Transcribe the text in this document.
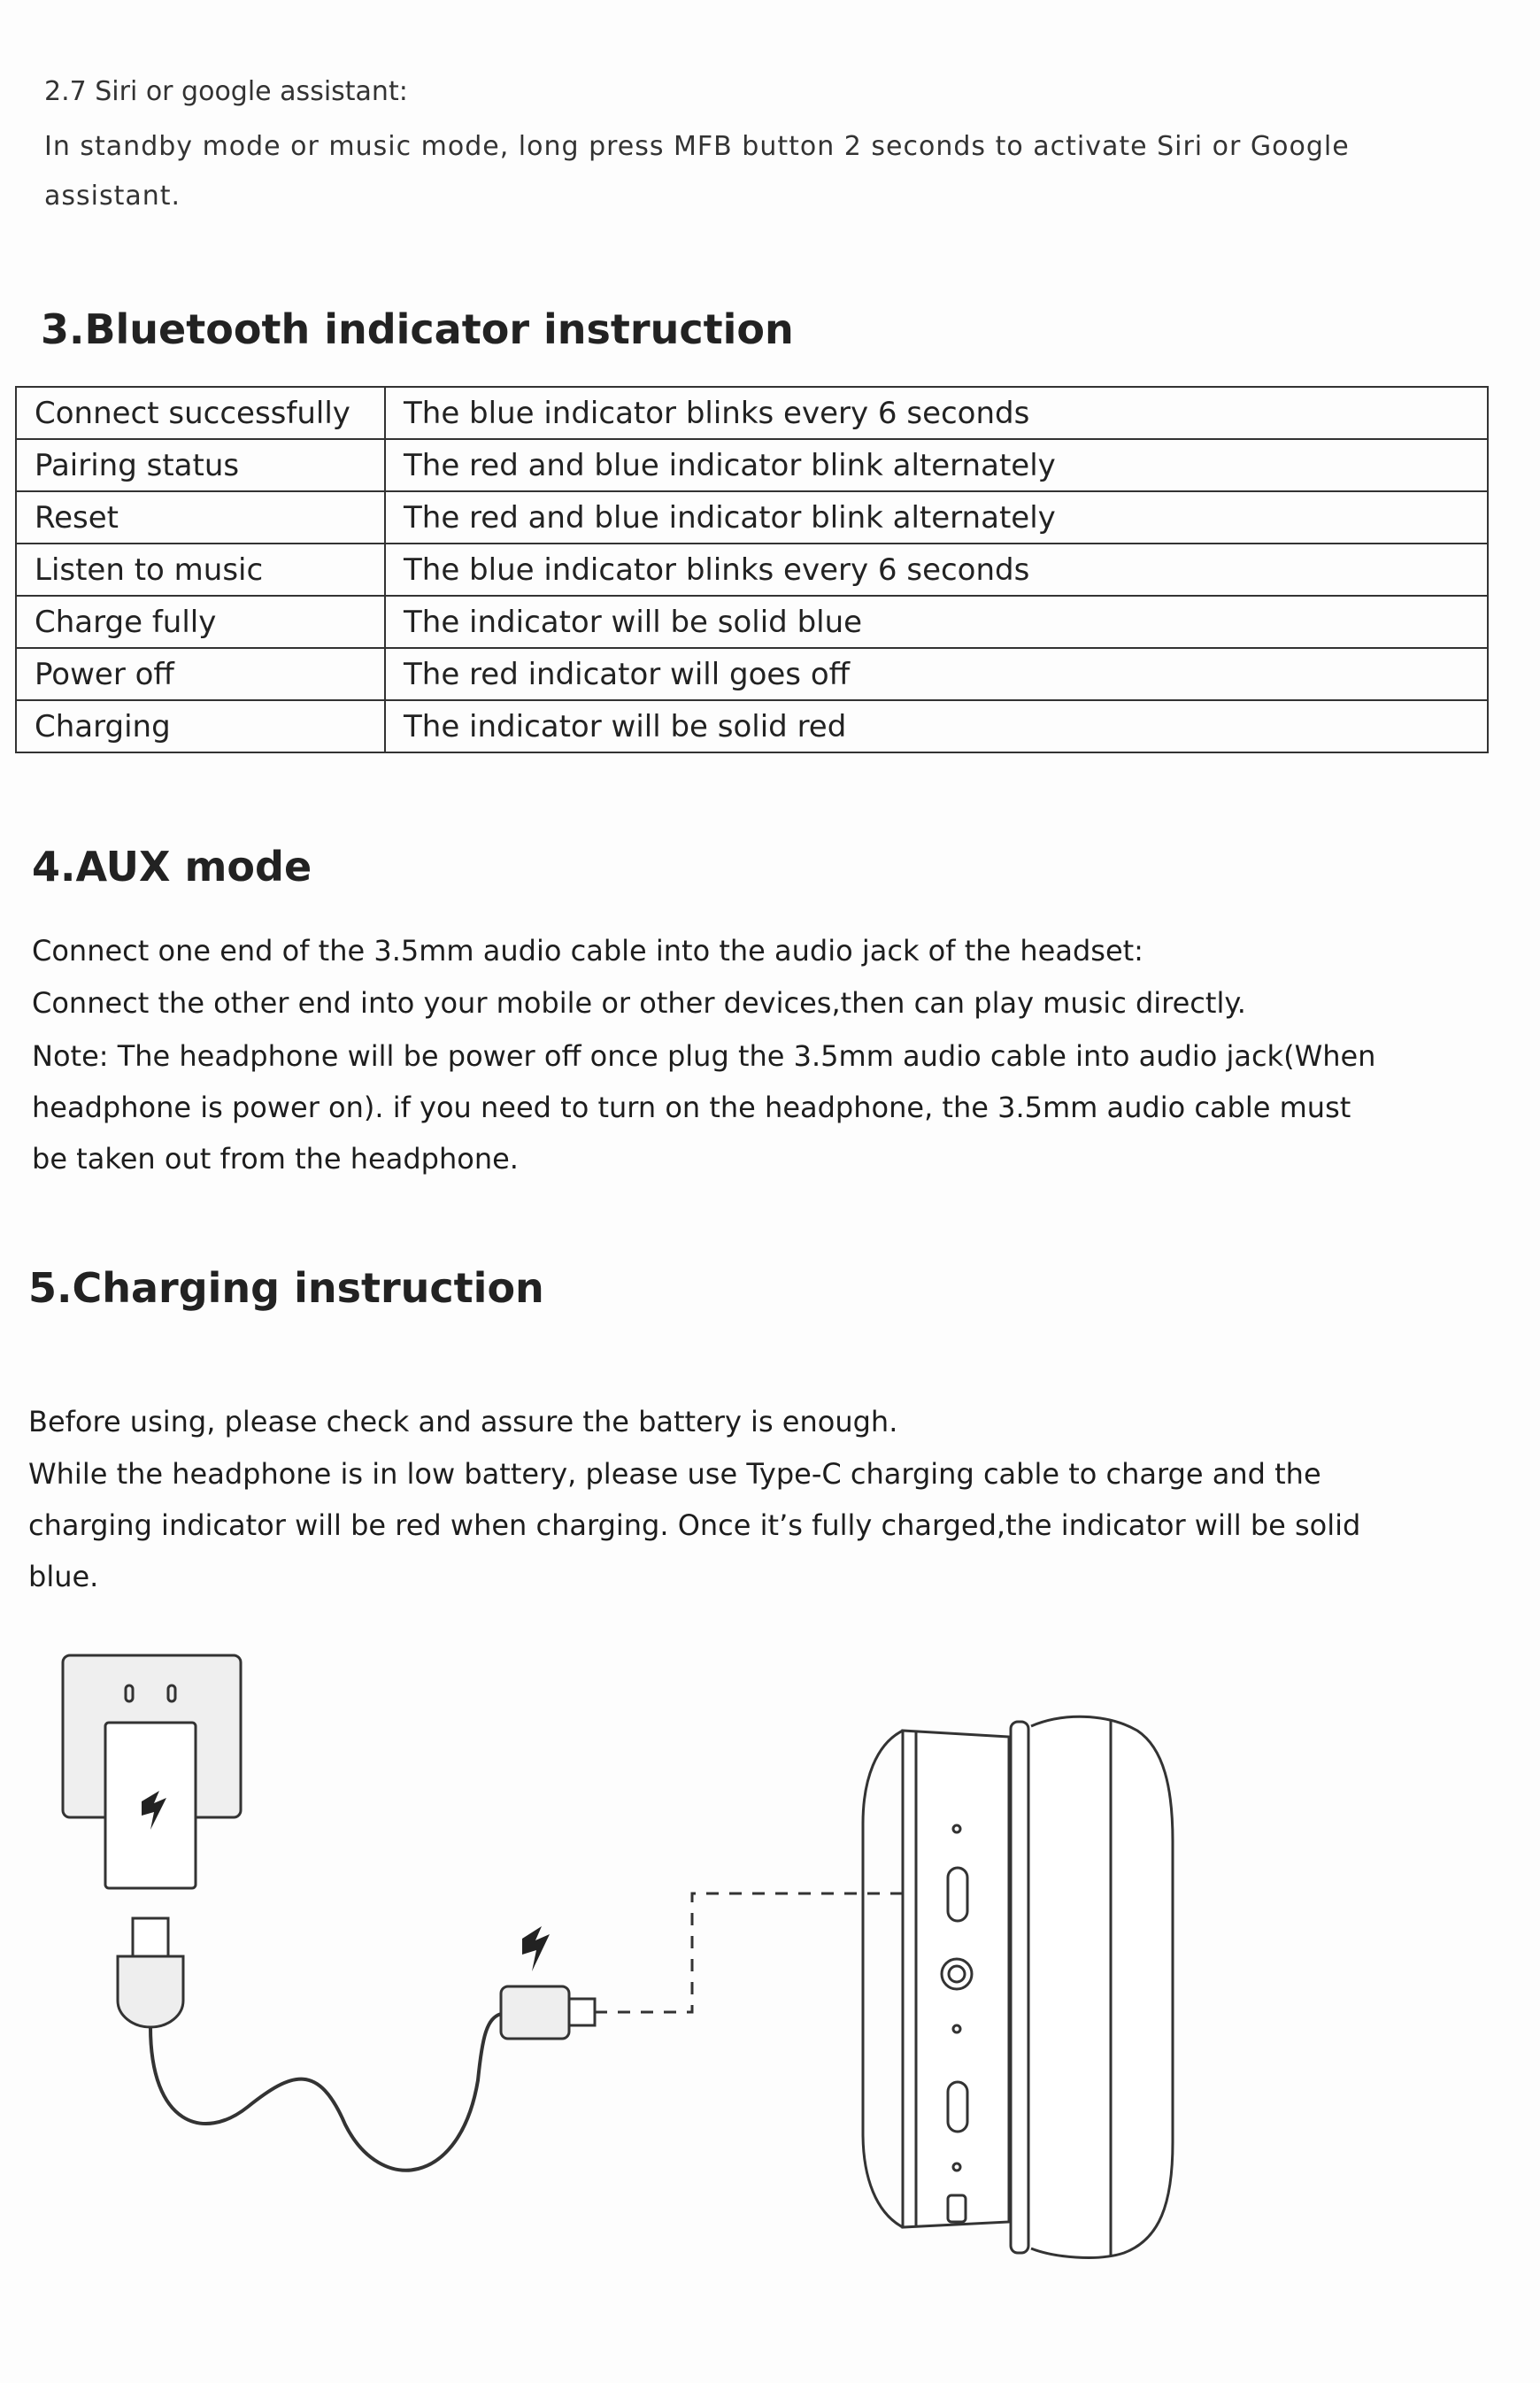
2.7 Siri or google assistant:
In standby mode or music mode, long press MFB button 2 seconds to activate Siri or Google
assistant.
3.Bluetooth indicator instruction
Connect successfully	The blue indicator blinks every 6 seconds
Pairing status	The red and blue indicator blink alternately
Reset	The red and blue indicator blink alternately
Listen to music	The blue indicator blinks every 6 seconds
Charge fully	The indicator will be solid blue
Power off	The red indicator will goes off
Charging	The indicator will be solid red
4.AUX mode
Connect one end of the 3.5mm audio cable into the audio jack of the headset:
Connect the other end into your mobile or other devices,then can play music directly.
Note: The headphone will be power off once plug the 3.5mm audio cable into audio jack(When
headphone is power on). if you need to turn on the headphone, the 3.5mm audio cable must
be taken out from the headphone.
5.Charging instruction
Before using, please check and assure the battery is enough.
While the headphone is in low battery, please use Type-C charging cable to charge and the
charging indicator will be red when charging. Once it’s fully charged,the indicator will be solid
blue.
